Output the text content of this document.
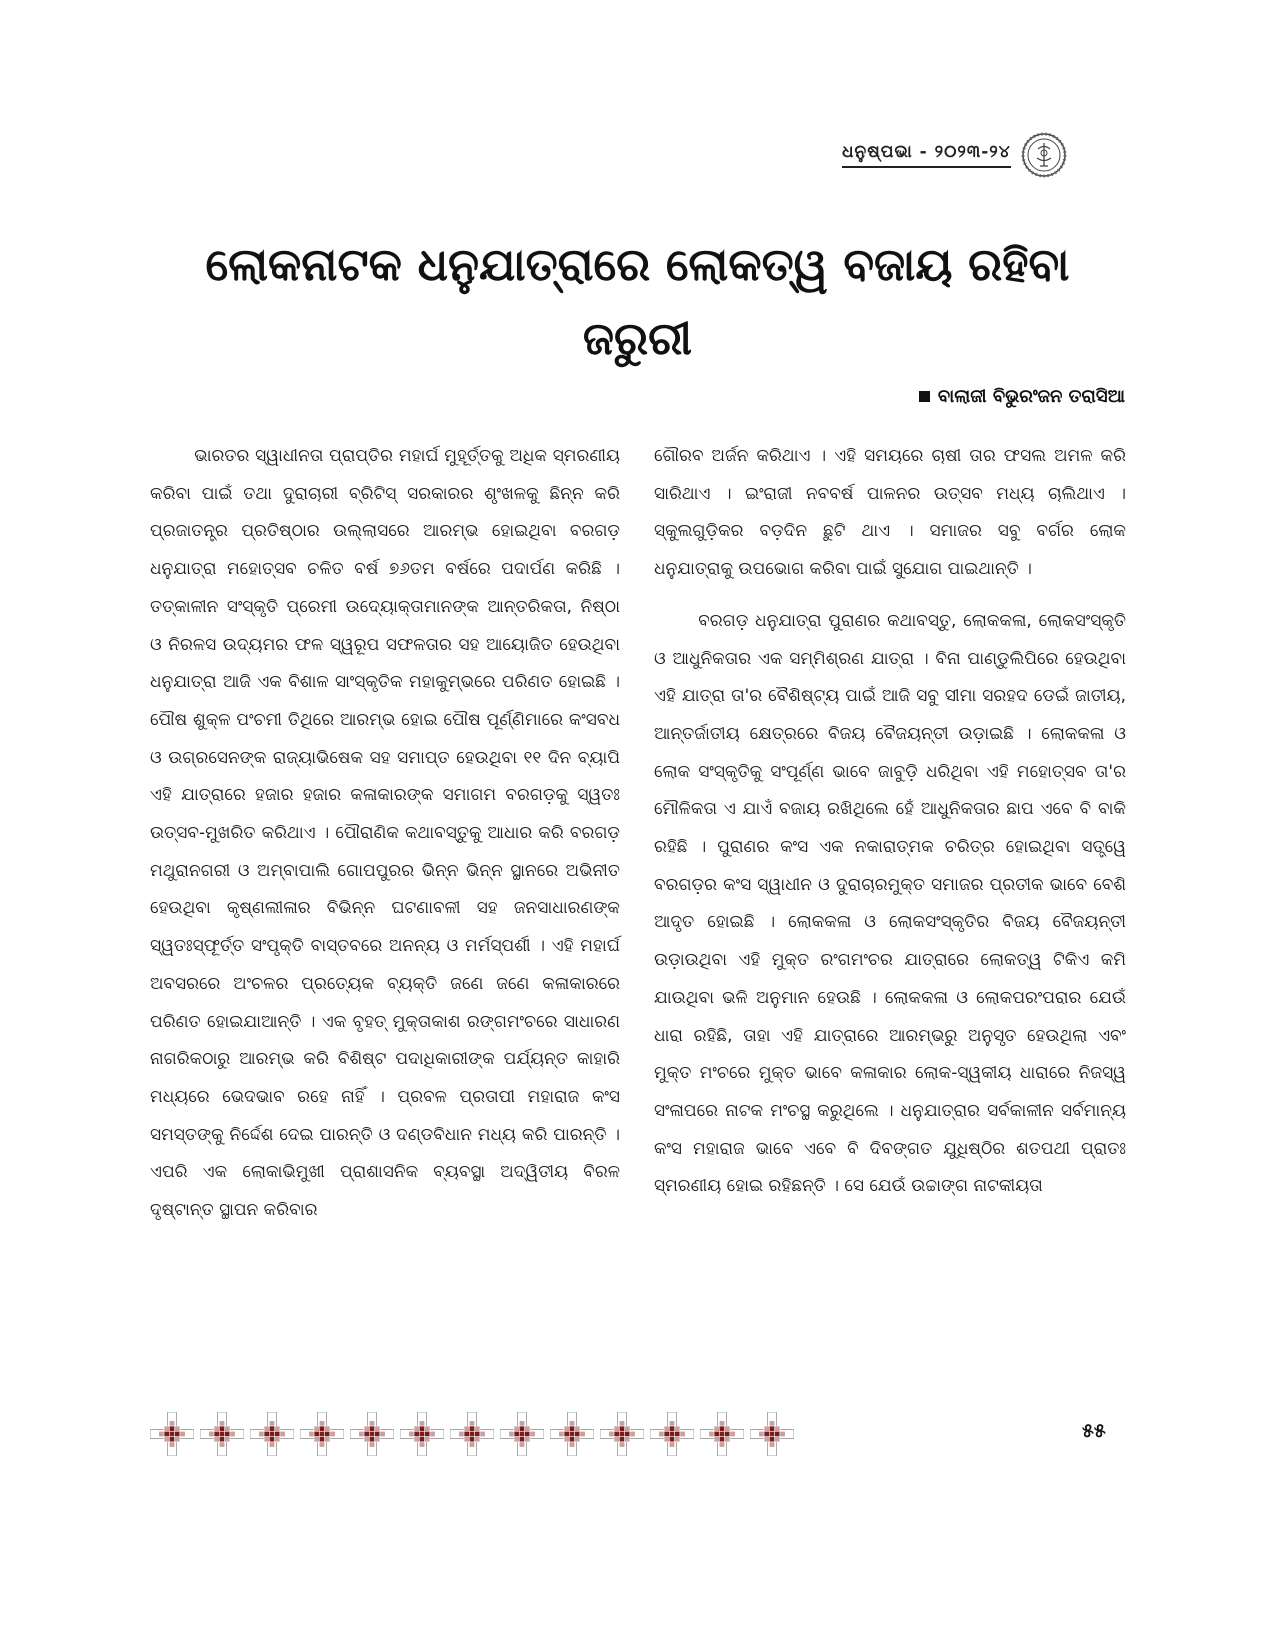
ଧନୁଷ୍ପଭା - ୨୦୨୩-୨୪
ଲୋକନାଟକ ଧନୁଯାତ୍ରାରେ ଲୋକତ୍ୱ ବଜାୟ ରହିବା ଜରୁରୀ
ବାଲାଜୀ ବିଭୁରଂଜନ ତରାସିଆ

ଭାରତର ସ୍ୱାଧୀନତା ପ୍ରାପ୍ତିର ମହାର୍ଘ ମୁହୂର୍ତ୍ତକୁ ଅଧିକ ସ୍ମରଣୀୟ କରିବା ପାଇଁ ତଥା ଦୁରାଚାରୀ ବ୍ରିଟିସ୍ ସରକାରର ଶୃଂଖଳକୁ ଛିନ୍ନ କରି ପ୍ରଜାତନ୍ତ୍ର ପ୍ରତିଷ୍ଠାର ଉଲ୍ଲାସରେ ଆରମ୍ଭ ହୋଇଥିବା ବରଗଡ଼ ଧନୁଯାତ୍ରା ମହୋତ୍ସବ ଚଳିତ ବର୍ଷ ୭୬ତମ ବର୍ଷରେ ପଦାର୍ପଣ କରିଛି । ତତ୍କାଳୀନ ସଂସ୍କୃତି ପ୍ରେମୀ ଉଦ୍ୟୋକ୍ତାମାନଙ୍କ ଆନ୍ତରିକତା, ନିଷ୍ଠା ଓ ନିରଳସ ଉଦ୍ୟମର ଫଳ ସ୍ୱରୂପ ସଫଳତାର ସହ ଆୟୋଜିତ ହେଉଥିବା ଧନୁଯାତ୍ରା ଆଜି ଏକ ବିଶାଳ ସାଂସ୍କୃତିକ ମହାକୁମ୍ଭରେ ପରିଣତ ହୋଇଛି । ପୌଷ ଶୁକ୍ଳ ପଂଚମୀ ତିଥିରେ ଆରମ୍ଭ ହୋଇ ପୌଷ ପୂର୍ଣ୍ଣିମାରେ କଂସବଧ ଓ ଉଗ୍ରସେନଙ୍କ ରାଜ୍ୟାଭିଷେକ ସହ ସମାପ୍ତ ହେଉଥିବା ୧୧ ଦିନ ବ୍ୟାପି ଏହି ଯାତ୍ରାରେ ହଜାର ହଜାର କଳାକାରଙ୍କ ସମାଗମ ବରଗଡ଼କୁ ସ୍ୱତଃ ଉତ୍ସବ-ମୁଖରିତ କରିଥାଏ । ପୌରାଣିକ କଥାବସ୍ତୁକୁ ଆଧାର କରି ବରଗଡ଼ ମଥୁରାନଗରୀ ଓ ଅମ୍ବାପାଲି ଗୋପପୁରର ଭିନ୍ନ ଭିନ୍ନ ସ୍ଥାନରେ ଅଭିନୀତ ହେଉଥିବା କୃଷ୍ଣଲୀଳାର ବିଭିନ୍ନ ଘଟଣାବଳୀ ସହ ଜନସାଧାରଣଙ୍କ ସ୍ୱତଃସ୍ଫୂର୍ତ୍ତ ସଂପୃକ୍ତି ବାସ୍ତବରେ ଅନନ୍ୟ ଓ ମର୍ମସ୍ପର୍ଶୀ । ଏହି ମହାର୍ଘ ଅବସରରେ ଅଂଚଳର ପ୍ରତ୍ୟେକ ବ୍ୟକ୍ତି ଜଣେ ଜଣେ କଳାକାରରେ ପରିଣତ ହୋଇଯାଆନ୍ତି । ଏକ ବୃହତ୍ ମୁକ୍ତାକାଶ ରଙ୍ଗମଂଚରେ ସାଧାରଣ ନାଗରିକଠାରୁ ଆରମ୍ଭ କରି ବିଶିଷ୍ଟ ପଦାଧିକାରୀଙ୍କ ପର୍ଯ୍ୟନ୍ତ କାହାରି ମଧ୍ୟରେ ଭେଦଭାବ ରହେ ନାହିଁ । ପ୍ରବଳ ପ୍ରତାପୀ ମହାରାଜ କଂସ ସମସ୍ତଙ୍କୁ ନିର୍ଦ୍ଦେଶ ଦେଇ ପାରନ୍ତି ଓ ଦଣ୍ଡବିଧାନ ମଧ୍ୟ କରି ପାରନ୍ତି । ଏପରି ଏକ ଲୋକାଭିମୁଖୀ ପ୍ରାଶାସନିକ ବ୍ୟବସ୍ଥା ଅଦ୍ୱିତୀୟ ବିରଳ ଦୃଷ୍ଟାନ୍ତ ସ୍ଥାପନ କରିବାର

ଗୌରବ ଅର୍ଜନ କରିଥାଏ । ଏହି ସମୟରେ ଚାଷୀ ତାର ଫସଲ ଅମଳ କରି ସାରିଥାଏ । ଇଂରାଜୀ ନବବର୍ଷ ପାଳନର ଉତ୍ସବ ମଧ୍ୟ ଚାଲିଥାଏ । ସ୍କୁଲଗୁଡ଼ିକର ବଡ଼ଦିନ ଛୁଟି ଥାଏ । ସମାଜର ସବୁ ବର୍ଗର ଲୋକ ଧନୁଯାତ୍ରାକୁ ଉପଭୋଗ କରିବା ପାଇଁ ସୁଯୋଗ ପାଇଥାନ୍ତି ।

ବରଗଡ଼ ଧନୁଯାତ୍ରା ପୁରାଣର କଥାବସ୍ତୁ, ଲୋକକଳା, ଲୋକସଂସ୍କୃତି ଓ ଆଧୁନିକତାର ଏକ ସମ୍ମିଶ୍ରଣ ଯାତ୍ରା । ବିନା ପାଣ୍ଡୁଲିପିରେ ହେଉଥିବା ଏହି ଯାତ୍ରା ତା'ର ବୈଶିଷ୍ଟ୍ୟ ପାଇଁ ଆଜି ସବୁ ସୀମା ସରହଦ ଡେଇଁ ଜାତୀୟ, ଆନ୍ତର୍ଜାତୀୟ କ୍ଷେତ୍ରରେ ବିଜୟ ବୈଜୟନ୍ତୀ ଉଡ଼ାଇଛି । ଲୋକକଳା ଓ ଲୋକ ସଂସ୍କୃତିକୁ ସଂପୂର୍ଣ୍ଣ ଭାବେ ଜାବୁଡ଼ି ଧରିଥିବା ଏହି ମହୋତ୍ସବ ତା'ର ମୌଳିକତା ଏ ଯାଏଁ ବଜାୟ ରଖିଥିଲେ ହେଁ ଆଧୁନିକତାର ଛାପ ଏବେ ବି ବାକି ରହିଛି । ପୁରାଣର କଂସ ଏକ ନକାରାତ୍ମକ ଚରିତ୍ର ହୋଇଥିବା ସତ୍ତ୍ୱେ ବରଗଡ଼ର କଂସ ସ୍ୱାଧୀନ ଓ ଦୁରାଚାରମୁକ୍ତ ସମାଜର ପ୍ରତୀକ ଭାବେ ବେଶି ଆଦୃତ ହୋଇଛି । ଲୋକକଳା ଓ ଲୋକସଂସ୍କୃତିର ବିଜୟ ବୈଜୟନ୍ତୀ ଉଡ଼ାଉଥିବା ଏହି ମୁକ୍ତ ରଂଗମଂଚର ଯାତ୍ରାରେ ଲୋକତ୍ୱ ଟିକିଏ କମି ଯାଉଥିବା ଭଳି ଅନୁମାନ ହେଉଛି । ଲୋକକଳା ଓ ଲୋକପରଂପରାର ଯେଉଁ ଧାରା ରହିଛି, ତାହା ଏହି ଯାତ୍ରାରେ ଆରମ୍ଭରୁ ଅନୁସୃତ ହେଉଥିଲା ଏବଂ ମୁକ୍ତ ମଂଚରେ ମୁକ୍ତ ଭାବେ କଳାକାର ଲୋକ-ସ୍ୱକୀୟ ଧାରାରେ ନିଜସ୍ୱ ସଂଳାପରେ ନାଟକ ମଂଚସ୍ଥ କରୁଥିଲେ । ଧନୁଯାତ୍ରାର ସର୍ବକାଳୀନ ସର୍ବମାନ୍ୟ କଂସ ମହାରାଜ ଭାବେ ଏବେ ବି ଦିବଙ୍ଗତ ଯୁଧିଷ୍ଠିର ଶତପଥୀ ପ୍ରାତଃ ସ୍ମରଣୀୟ ହୋଇ ରହିଛନ୍ତି । ସେ ଯେଉଁ ଉଚ୍ଚାଙ୍ଗ ନାଟକୀୟତା

୫୫
